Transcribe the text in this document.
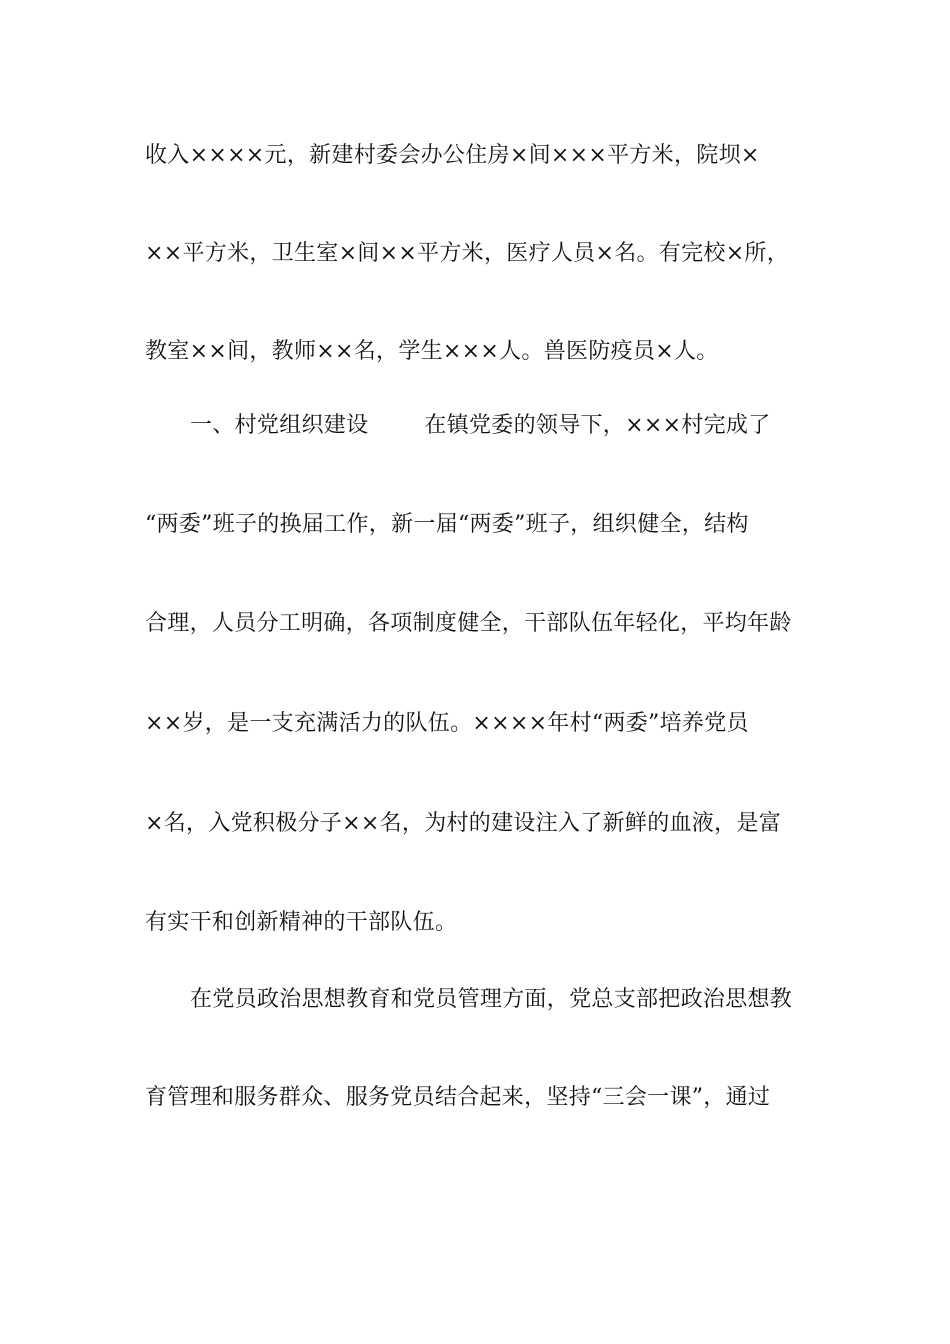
收入××××元，新建村委会办公住房×间×××平方米，院坝×
××平方米，卫生室×间××平方米，医疗人员×名。有完校×所，
教室××间，教师××名，学生×××人。兽医防疫员×人。
一、村党组织建设	在镇党委的领导下，×××村完成了
“两委”班子的换届工作，新一届“两委”班子，组织健全，结构
合理，人员分工明确，各项制度健全，干部队伍年轻化，平均年龄
××岁，是一支充满活力的队伍。××××年村“两委”培养党员
×名，入党积极分子××名，为村的建设注入了新鲜的血液，是富
有实干和创新精神的干部队伍。
在党员政治思想教育和党员管理方面，党总支部把政治思想教
育管理和服务群众、服务党员结合起来，坚持“三会一课”，通过
